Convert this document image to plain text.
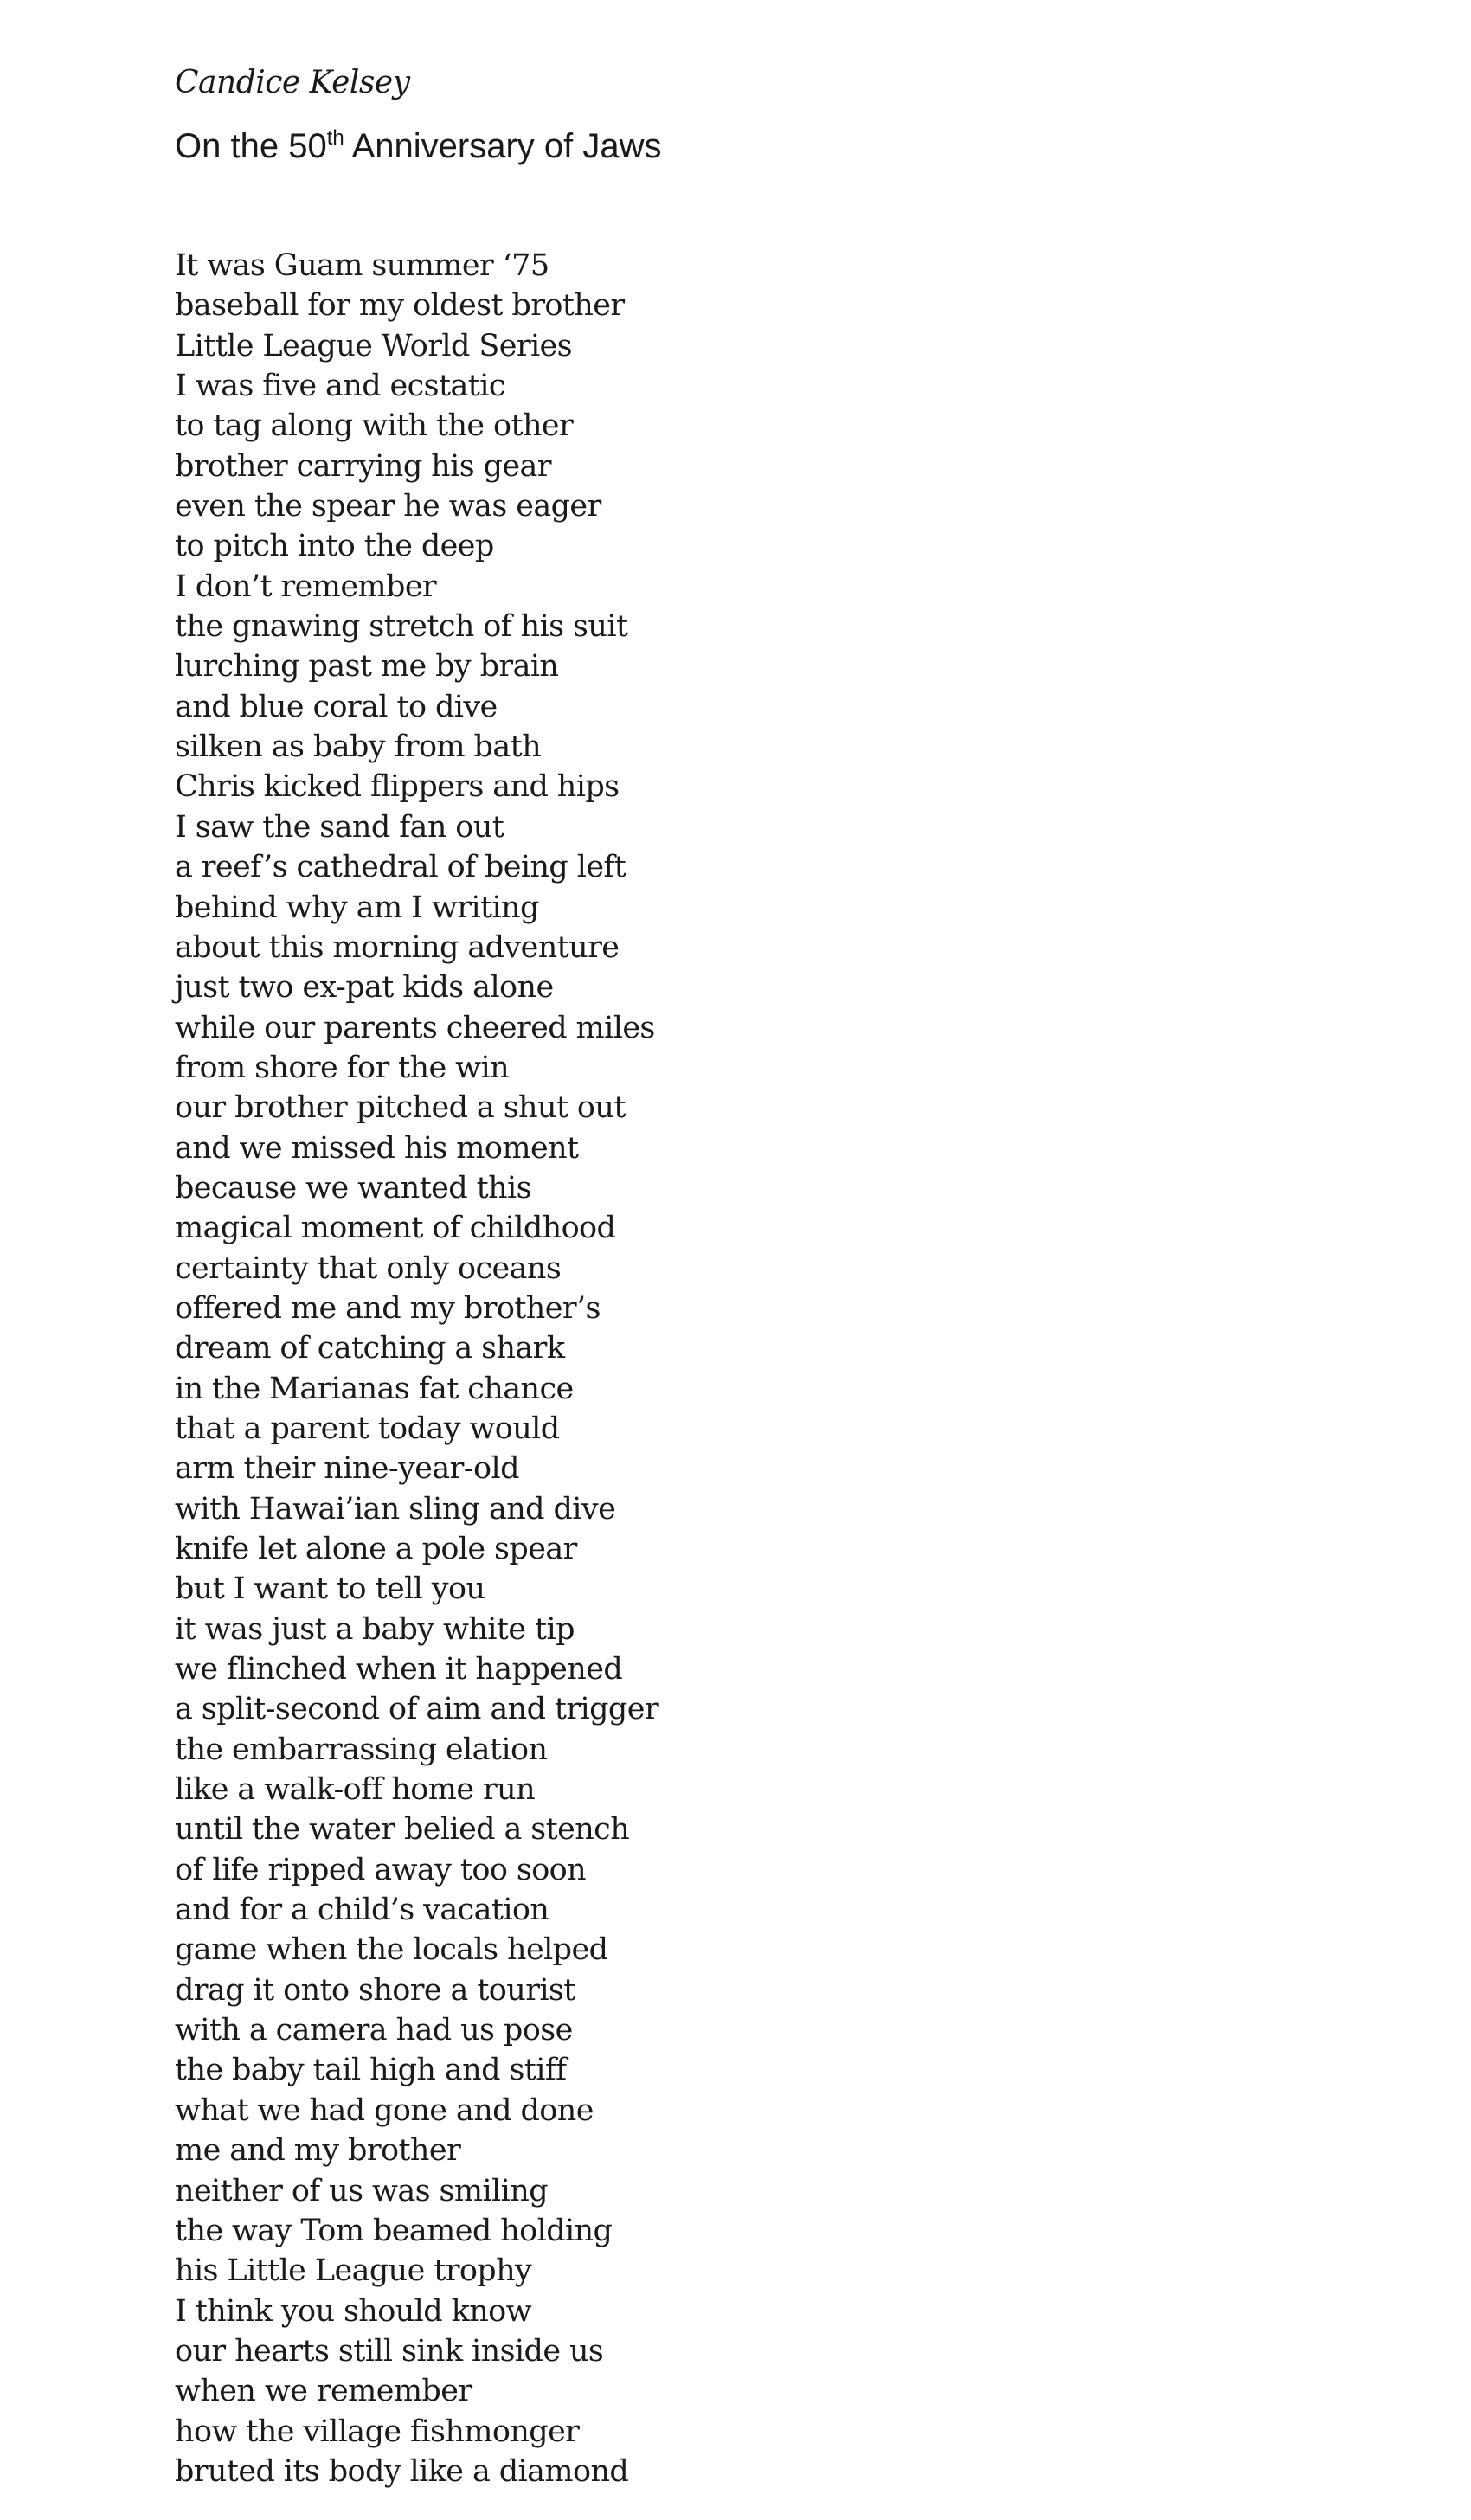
Candice Kelsey

On the 50th Anniversary of Jaws
It was Guam summer ‘75
baseball for my oldest brother
Little League World Series
I was five and ecstatic
to tag along with the other
brother carrying his gear
even the spear he was eager
to pitch into the deep
I don’t remember
the gnawing stretch of his suit
lurching past me by brain
and blue coral to dive
silken as baby from bath
Chris kicked flippers and hips
I saw the sand fan out
a reef’s cathedral of being left
behind why am I writing
about this morning adventure
just two ex-pat kids alone
while our parents cheered miles
from shore for the win
our brother pitched a shut out
and we missed his moment
because we wanted this
magical moment of childhood
certainty that only oceans
offered me and my brother’s
dream of catching a shark
in the Marianas fat chance
that a parent today would
arm their nine-year-old
with Hawai’ian sling and dive
knife let alone a pole spear
but I want to tell you
it was just a baby white tip
we flinched when it happened
a split-second of aim and trigger
the embarrassing elation
like a walk-off home run
until the water belied a stench
of life ripped away too soon
and for a child’s vacation
game when the locals helped
drag it onto shore a tourist
with a camera had us pose
the baby tail high and stiff
what we had gone and done
me and my brother
neither of us was smiling
the way Tom beamed holding
his Little League trophy
I think you should know
our hearts still sink inside us
when we remember
how the village fishmonger
bruted its body like a diamond
